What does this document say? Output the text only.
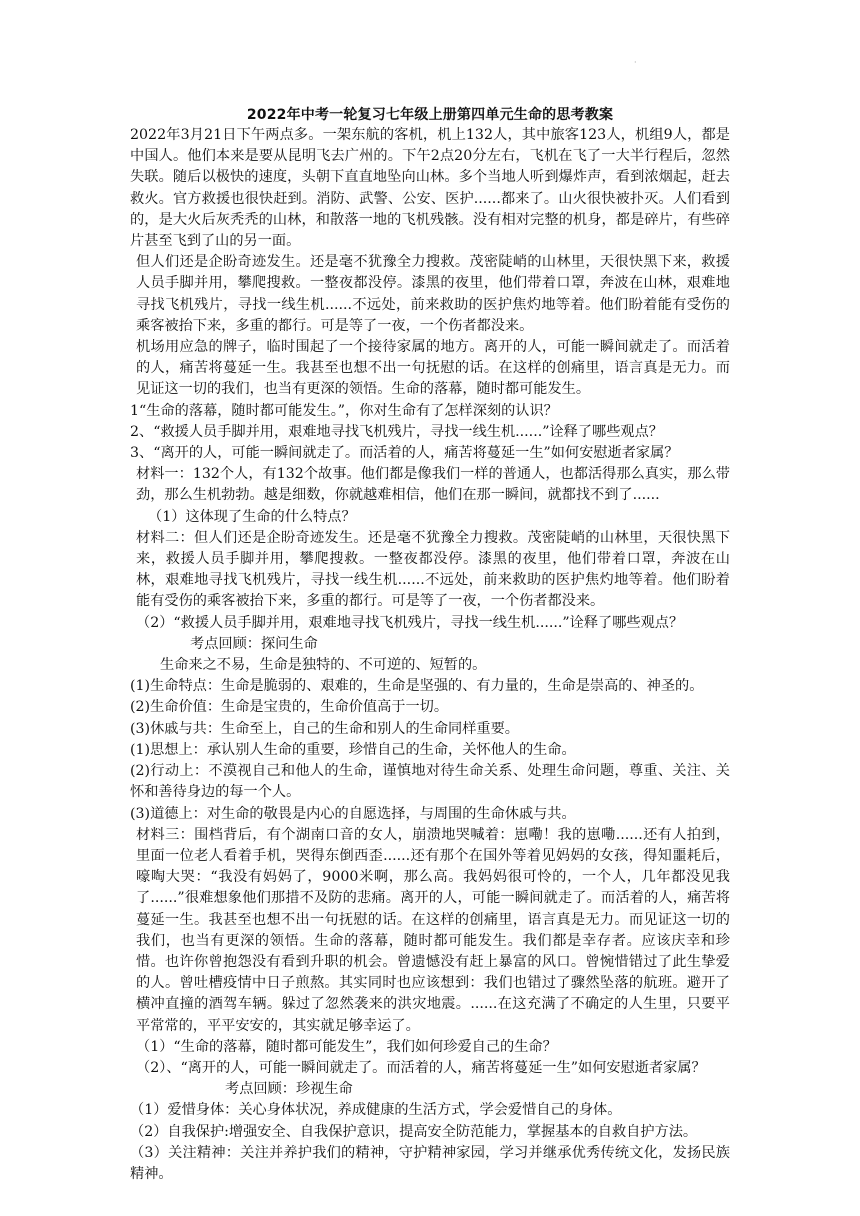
·
2022年中考一轮复习七年级上册第四单元生命的思考教案

2022年3月21日下午两点多。一架东航的客机，机上132人，其中旅客123人，机组9人，都是中国人。他们本来是要从昆明飞去广州的。下午2点20分左右，飞机在飞了一大半行程后，忽然失联。随后以极快的速度，头朝下直直地坠向山林。多个当地人听到爆炸声，看到浓烟起，赶去救火。官方救援也很快赶到。消防、武警、公安、医护......都来了。山火很快被扑灭。人们看到的，是大火后灰秃秃的山林，和散落一地的飞机残骸。没有相对完整的机身，都是碎片，有些碎片甚至飞到了山的另一面。

但人们还是企盼奇迹发生。还是毫不犹豫全力搜救。茂密陡峭的山林里，天很快黑下来，救援人员手脚并用，攀爬搜救。一整夜都没停。漆黑的夜里，他们带着口罩，奔波在山林，艰难地寻找飞机残片，寻找一线生机......不远处，前来救助的医护焦灼地等着。他们盼着能有受伤的乘客被抬下来，多重的都行。可是等了一夜，一个伤者都没来。

机场用应急的牌子，临时围起了一个接待家属的地方。离开的人，可能一瞬间就走了。而活着的人，痛苦将蔓延一生。我甚至也想不出一句抚慰的话。在这样的创痛里，语言真是无力。而见证这一切的我们，也当有更深的领悟。生命的落幕，随时都可能发生。

1“生命的落幕，随时都可能发生。”，你对生命有了怎样深刻的认识？

2、“救援人员手脚并用，艰难地寻找飞机残片，寻找一线生机......”诠释了哪些观点？

3、“离开的人，可能一瞬间就走了。而活着的人，痛苦将蔓延一生”如何安慰逝者家属？

材料一：132个人，有132个故事。他们都是像我们一样的普通人，也都活得那么真实，那么带劲，那么生机勃勃。越是细数，你就越难相信，他们在那一瞬间，就都找不到了......

（1）这体现了生命的什么特点？

材料二：但人们还是企盼奇迹发生。还是毫不犹豫全力搜救。茂密陡峭的山林里，天很快黑下来，救援人员手脚并用，攀爬搜救。一整夜都没停。漆黑的夜里，他们带着口罩，奔波在山林，艰难地寻找飞机残片，寻找一线生机......不远处，前来救助的医护焦灼地等着。他们盼着能有受伤的乘客被抬下来，多重的都行。可是等了一夜，一个伤者都没来。

（2）“救援人员手脚并用，艰难地寻找飞机残片，寻找一线生机......”诠释了哪些观点？

考点回顾：探问生命

生命来之不易，生命是独特的、不可逆的、短暂的。

(1)生命特点：生命是脆弱的、艰难的，生命是坚强的、有力量的，生命是崇高的、神圣的。

(2)生命价值：生命是宝贵的，生命价值高于一切。

(3)休戚与共：生命至上，自己的生命和别人的生命同样重要。

(1)思想上：承认别人生命的重要，珍惜自己的生命，关怀他人的生命。

(2)行动上：不漠视自己和他人的生命，谨慎地对待生命关系、处理生命问题，尊重、关注、关怀和善待身边的每一个人。

(3)道德上：对生命的敬畏是内心的自愿选择，与周围的生命休戚与共。

材料三：围档背后，有个湖南口音的女人，崩溃地哭喊着：崽嘞！我的崽嘞......还有人拍到，里面一位老人看着手机，哭得东倒西歪......还有那个在国外等着见妈妈的女孩，得知噩耗后，嚎啕大哭：“我没有妈妈了，9000米啊，那么高。我妈妈很可怜的，一个人，几年都没见我了......”很难想象他们那措不及防的悲痛。离开的人，可能一瞬间就走了。而活着的人，痛苦将蔓延一生。我甚至也想不出一句抚慰的话。在这样的创痛里，语言真是无力。而见证这一切的我们，也当有更深的领悟。生命的落幕，随时都可能发生。我们都是幸存者。应该庆幸和珍惜。也许你曾抱怨没有看到升职的机会。曾遗憾没有赶上暴富的风口。曾惋惜错过了此生挚爱的人。曾吐槽疫情中日子煎熬。其实同时也应该想到：我们也错过了骤然坠落的航班。避开了横冲直撞的酒驾车辆。躲过了忽然袭来的洪灾地震。......在这充满了不确定的人生里，只要平平常常的，平平安安的，其实就足够幸运了。

（1）“生命的落幕，随时都可能发生”，我们如何珍爱自己的生命？

（2）、“离开的人，可能一瞬间就走了。而活着的人，痛苦将蔓延一生”如何安慰逝者家属？

考点回顾：珍视生命

（1）爱惜身体：关心身体状况，养成健康的生活方式，学会爱惜自己的身体。

（2）自我保护:增强安全、自我保护意识，提高安全防范能力，掌握基本的自救自护方法。

（3）关注精神：关注并养护我们的精神，守护精神家园，学习并继承优秀传统文化，发扬民族精神。
